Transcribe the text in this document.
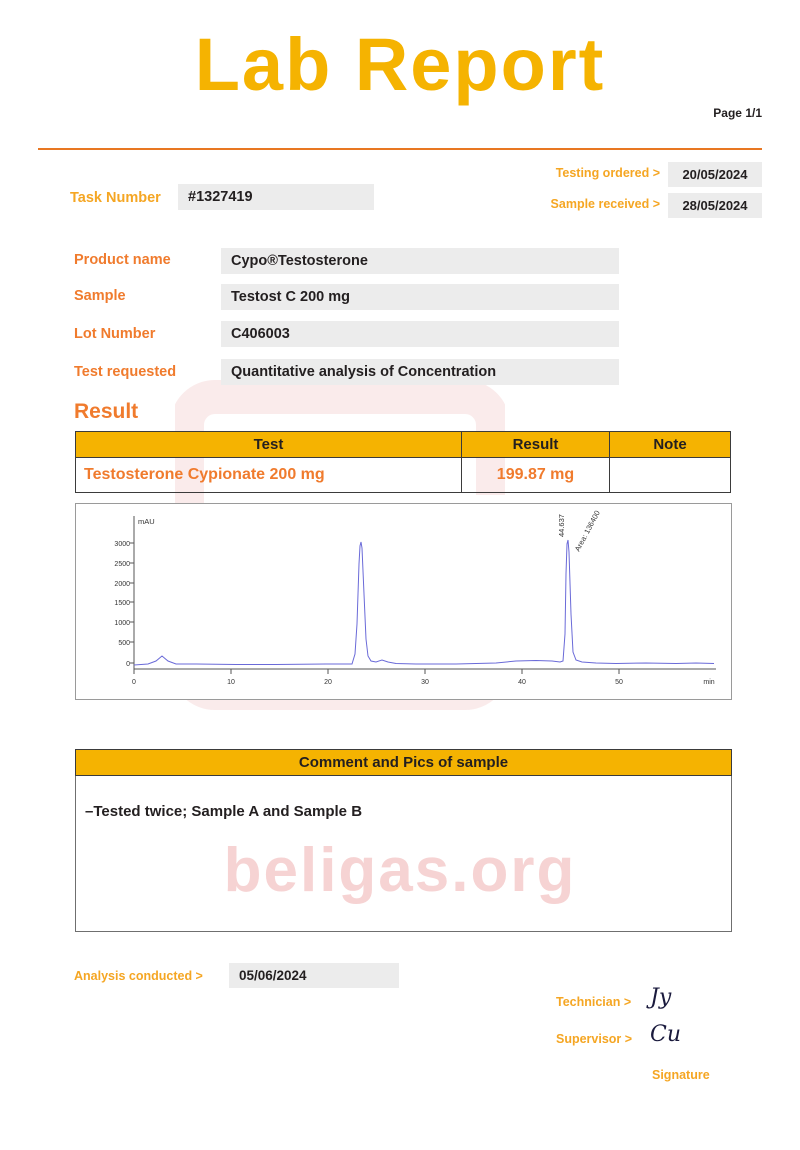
beligas.org
Lab Report
Page 1/1
Testing ordered >	20/05/2024
Sample received >	28/05/2024
Task Number	#1327419
Product name	Cypo®Testosterone
Sample	Testost C 200 mg
Lot Number	C406003
Test requested	Quantitative analysis of Concentration
Result
Test	Result	Note
Testosterone Cypionate 200 mg	199.87 mg	
3000
2500
2000
1500
1000
500
0
mAU
0	10	20	30	40	50	min
44.637 Area: 136400
Comment and Pics of sample
–Tested twice; Sample A and Sample B
Analysis conducted >	05/06/2024
Technician > Jy
Supervisor > Cu
Signature
